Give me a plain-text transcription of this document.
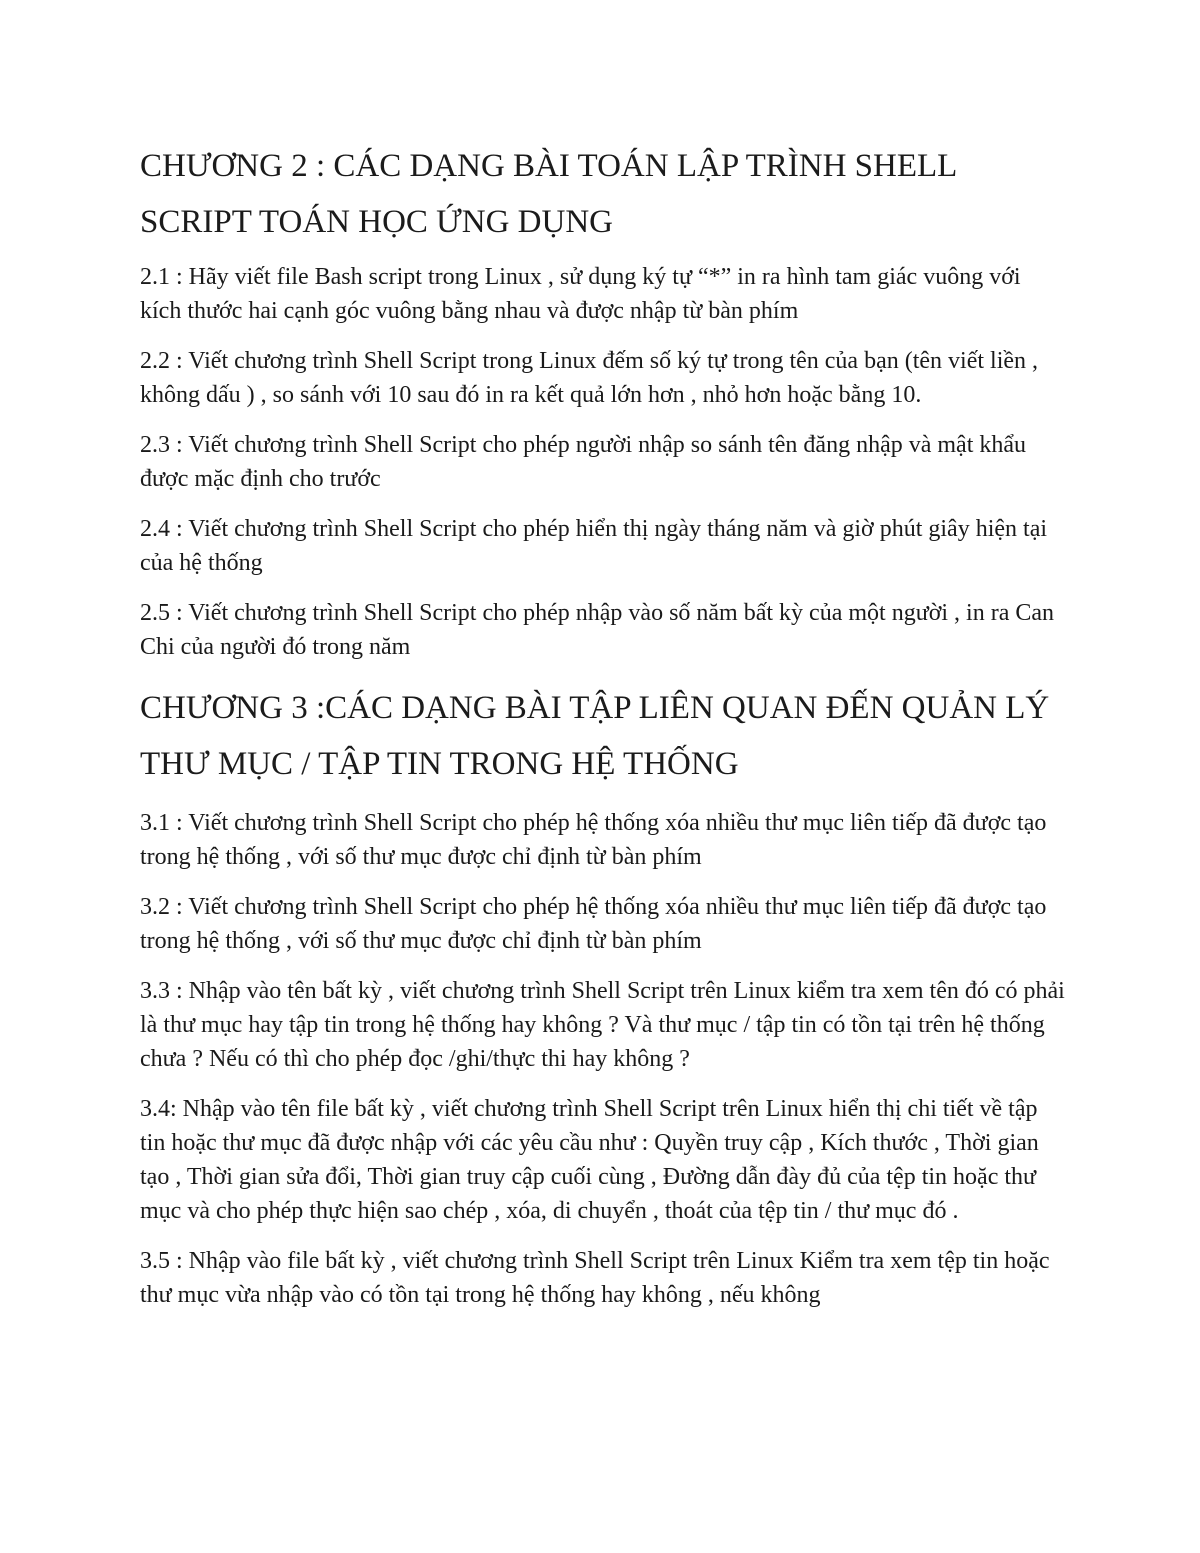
CHƯƠNG 2 : CÁC DẠNG BÀI TOÁN LẬP TRÌNH SHELL SCRIPT TOÁN HỌC ỨNG DỤNG

2.1 : Hãy viết file Bash script trong Linux , sử dụng ký tự “*” in ra hình tam giác vuông với kích thước hai cạnh góc vuông bằng nhau và được nhập từ bàn phím

2.2 : Viết chương trình Shell Script trong Linux đếm số ký tự trong tên của bạn (tên viết liền , không dấu ) , so sánh với 10 sau đó in ra kết quả lớn hơn , nhỏ hơn hoặc bằng 10.

2.3 : Viết chương trình Shell Script cho phép người nhập so sánh tên đăng nhập và mật khẩu được mặc định cho trước

2.4 : Viết chương trình Shell Script cho phép hiển thị ngày tháng năm và giờ phút giây hiện tại của hệ thống

2.5 : Viết chương trình Shell Script cho phép nhập vào số năm bất kỳ của một người , in ra Can Chi của người đó trong năm

CHƯƠNG 3 :CÁC DẠNG BÀI TẬP LIÊN QUAN ĐẾN QUẢN LÝ THƯ MỤC / TẬP TIN TRONG HỆ THỐNG

3.1 : Viết chương trình Shell Script cho phép hệ thống xóa nhiều thư mục liên tiếp đã được tạo trong hệ thống , với số thư mục được chỉ định từ bàn phím

3.2 : Viết chương trình Shell Script cho phép hệ thống xóa nhiều thư mục liên tiếp đã được tạo trong hệ thống , với số thư mục được chỉ định từ bàn phím

3.3 : Nhập vào tên bất kỳ , viết chương trình Shell Script trên Linux kiểm tra xem tên đó có phải là thư mục hay tập tin trong hệ thống hay không ? Và thư mục / tập tin có tồn tại trên hệ thống chưa ? Nếu có thì cho phép đọc /ghi/thực thi hay không ?

3.4: Nhập vào tên file bất kỳ , viết chương trình Shell Script trên Linux hiển thị chi tiết về tập tin hoặc thư mục đã được nhập với các yêu cầu như : Quyền truy cập , Kích thước , Thời gian tạo , Thời gian sửa đổi, Thời gian truy cập cuối cùng , Đường dẫn đày đủ của tệp tin hoặc thư mục và cho phép thực hiện sao chép , xóa, di chuyển , thoát của tệp tin / thư mục đó .

3.5 : Nhập vào file bất kỳ , viết chương trình Shell Script trên Linux Kiểm tra xem tệp tin hoặc thư mục vừa nhập vào có tồn tại trong hệ thống hay không , nếu không
